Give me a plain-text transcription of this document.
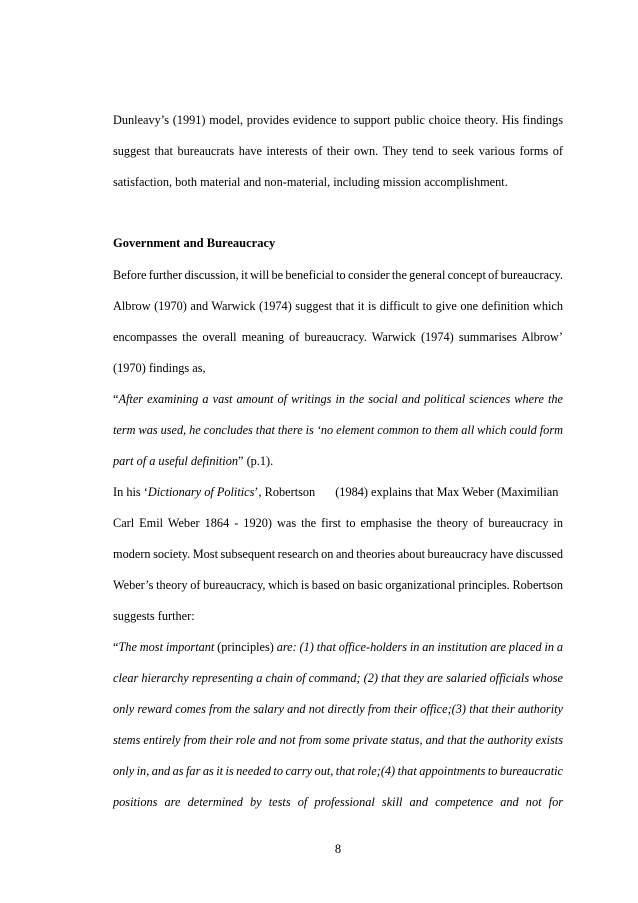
Dunleavy’s (1991) model, provides evidence to support public choice theory. His findings
suggest that bureaucrats have interests of their own. They tend to seek various forms of
satisfaction, both material and non-material, including mission accomplishment.
Government and Bureaucracy
Before further discussion, it will be beneficial to consider the general concept of bureaucracy.
Albrow (1970) and Warwick (1974) suggest that it is difficult to give one definition which
encompasses the overall meaning of bureaucracy. Warwick (1974) summarises Albrow’
(1970) findings as,
“After examining a vast amount of writings in the social and political sciences where the
term was used, he concludes that there is ‘no element common to them all which could form
part of a useful definition” (p.1).
In his ‘Dictionary of Politics’, Robertson (1984) explains that Max Weber (Maximilian
Carl Emil Weber 1864 - 1920) was the first to emphasise the theory of bureaucracy in
modern society. Most subsequent research on and theories about bureaucracy have discussed
Weber’s theory of bureaucracy, which is based on basic organizational principles. Robertson
suggests further:
“The most important (principles) are: (1) that office-holders in an institution are placed in a
clear hierarchy representing a chain of command; (2) that they are salaried officials whose
only reward comes from the salary and not directly from their office;(3) that their authority
stems entirely from their role and not from some private status, and that the authority exists
only in, and as far as it is needed to carry out, that role;(4) that appointments to bureaucratic
positions are determined by tests of professional skill and competence and not for
8
